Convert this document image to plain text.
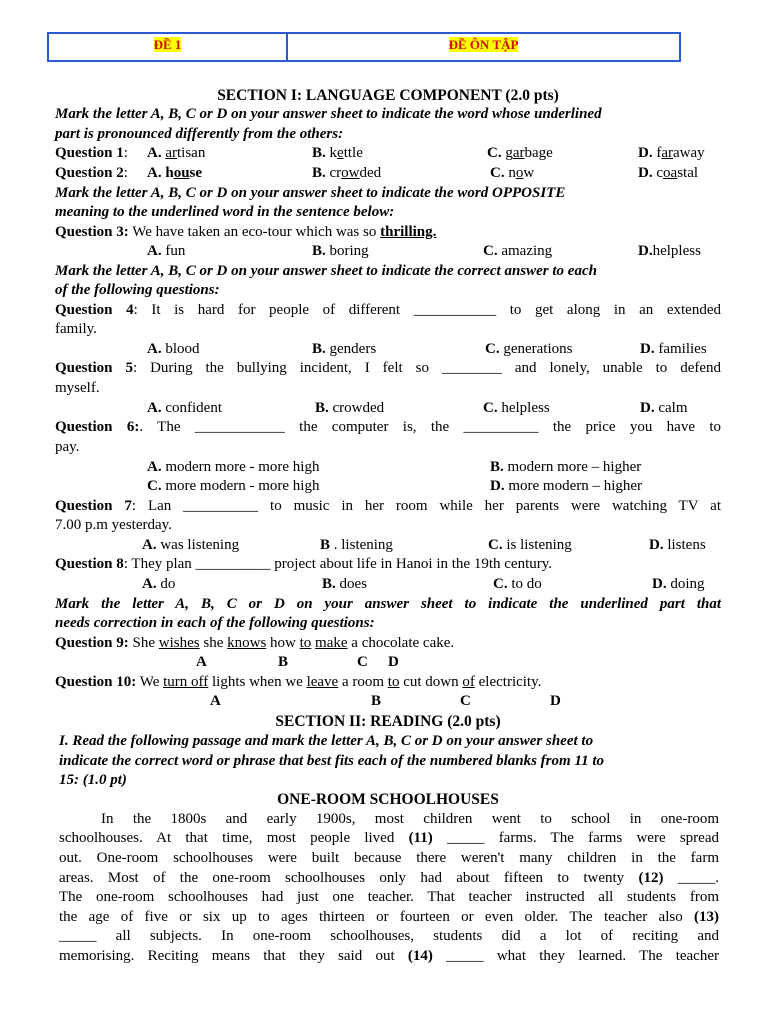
ĐỀ 1	ĐỀ ÔN TẬP
SECTION I: LANGUAGE COMPONENT (2.0 pts)
Mark the letter A, B, C or D on your answer sheet to indicate the word whose underlined
part is pronounced differently from the others:
Question 1: A. artisan	B. kettle	C. garbage	D. faraway
Question 2: A. house	B. crowded	C. now	D. coastal
Mark the letter A, B, C or D on your answer sheet to indicate the word OPPOSITE
meaning to the underlined word in the sentence below:
Question 3: We have taken an eco-tour which was so thrilling.
A. fun	B. boring	C. amazing	D.helpless
Mark the letter A, B, C or D on your answer sheet to indicate the correct answer to each
of the following questions:
Question 4: It is hard for people of different ___________ to get along in an extended
family.
A. blood	B. genders	C. generations	D. families
Question 5: During the bullying incident, I felt so ________ and lonely, unable to defend
myself.
A. confident	B. crowded	C. helpless	D. calm
Question 6:. The ____________ the computer is, the __________ the price you have to
pay.
A. modern more - more high	B. modern more – higher
C. more modern - more high	D. more modern – higher
Question 7: Lan __________ to music in her room while her parents were watching TV at
7.00 p.m yesterday.
A. was listening	B . listening	C. is listening	D. listens
Question 8: They plan __________ project about life in Hanoi in the 19th century.
A. do	B. does	C. to do	D. doing
Mark the letter A, B, C or D on your answer sheet to indicate the underlined part that
needs correction in each of the following questions:
Question 9: She wishes she knows how to make a chocolate cake.
A	B	C D
Question 10: We turn off lights when we leave a room to cut down of electricity.
A	B	C	D
SECTION II: READING (2.0 pts)
I. Read the following passage and mark the letter A, B, C or D on your answer sheet to
indicate the correct word or phrase that best fits each of the numbered blanks from 11 to
15: (1.0 pt)
ONE-ROOM SCHOOLHOUSES
In the 1800s and early 1900s, most children went to school in one-room
schoolhouses. At that time, most people lived (11) _____ farms. The farms were spread
out. One-room schoolhouses were built because there weren't many children in the farm
areas. Most of the one-room schoolhouses only had about fifteen to twenty (12) _____.
The one-room schoolhouses had just one teacher. That teacher instructed all students from
the age of five or six up to ages thirteen or fourteen or even older. The teacher also (13)
_____ all subjects. In one-room schoolhouses, students did a lot of reciting and
memorising. Reciting means that they said out (14) _____ what they learned. The teacher
